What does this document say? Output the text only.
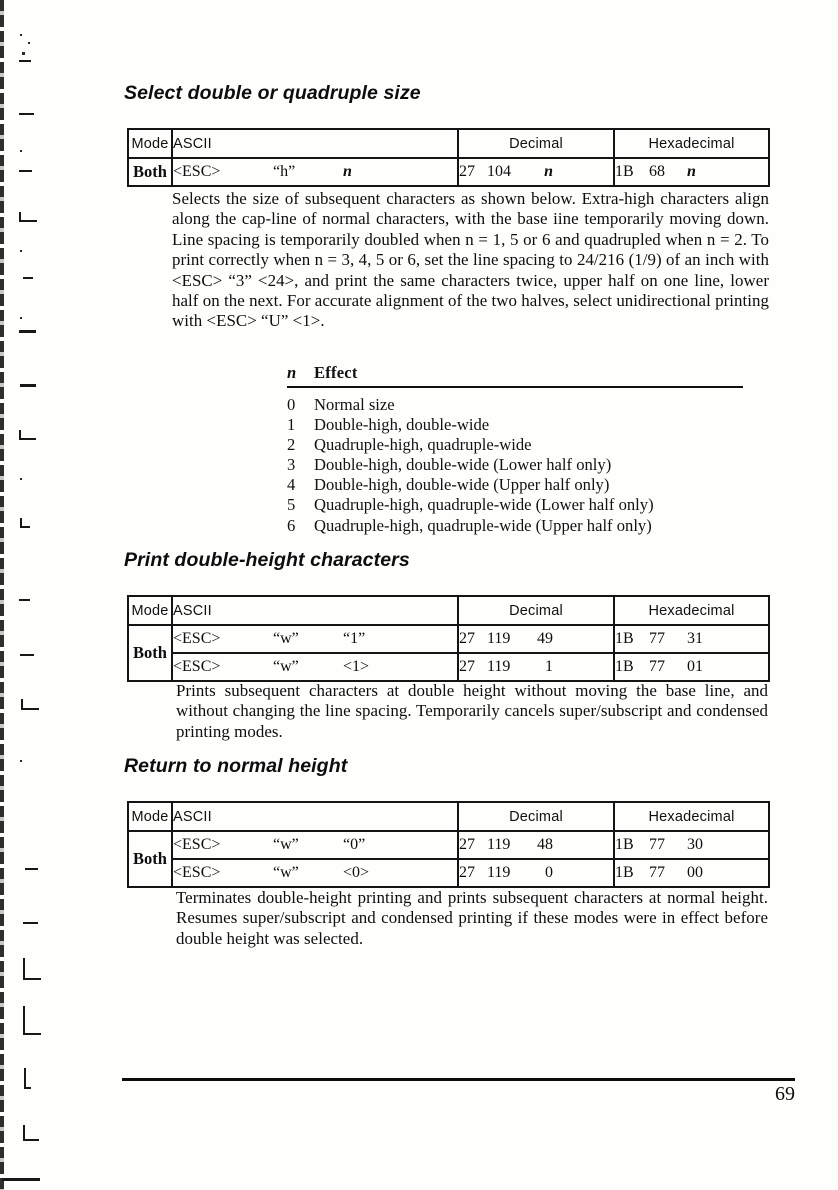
Select double or quadruple size
Mode	ASCII	Decimal	Hexadecimal
Both	<ESC> “h” n	27 104 n	1B 68 n

Selects the size of subsequent characters as shown below. Extra-high characters align along the cap-line of normal characters, with the base iine temporarily moving down. Line spacing is temporarily doubled when n = 1, 5 or 6 and quadrupled when n = 2. To print correctly when n = 3, 4, 5 or 6, set the line spacing to 24/216 (1/9) of an inch with <ESC> “3” <24>, and print the same characters twice, upper half on one line, lower half on the next. For accurate alignment of the two halves, select unidirectional printing with <ESC> “U” <1>.

n	Effect
0	Normal size
1	Double-high, double-wide
2	Quadruple-high, quadruple-wide
3	Double-high, double-wide (Lower half only)
4	Double-high, double-wide (Upper half only)
5	Quadruple-high, quadruple-wide (Lower half only)
6	Quadruple-high, quadruple-wide (Upper half only)
Print double-height characters
Mode	ASCII	Decimal	Hexadecimal
Both	<ESC> “w” “1”	27 119 49	1B 77 31
	<ESC> “w” <1>	27 119 1	1B 77 01

Prints subsequent characters at double height without moving the base line, and without changing the line spacing. Temporarily cancels super/subscript and condensed printing modes.

Return to normal height
Mode	ASCII	Decimal	Hexadecimal
Both	<ESC> “w” “0”	27 119 48	1B 77 30
	<ESC> “w” <0>	27 119 0	1B 77 00

Terminates double-height printing and prints subsequent characters at normal height. Resumes super/subscript and condensed printing if these modes were in effect before double height was selected.

69
